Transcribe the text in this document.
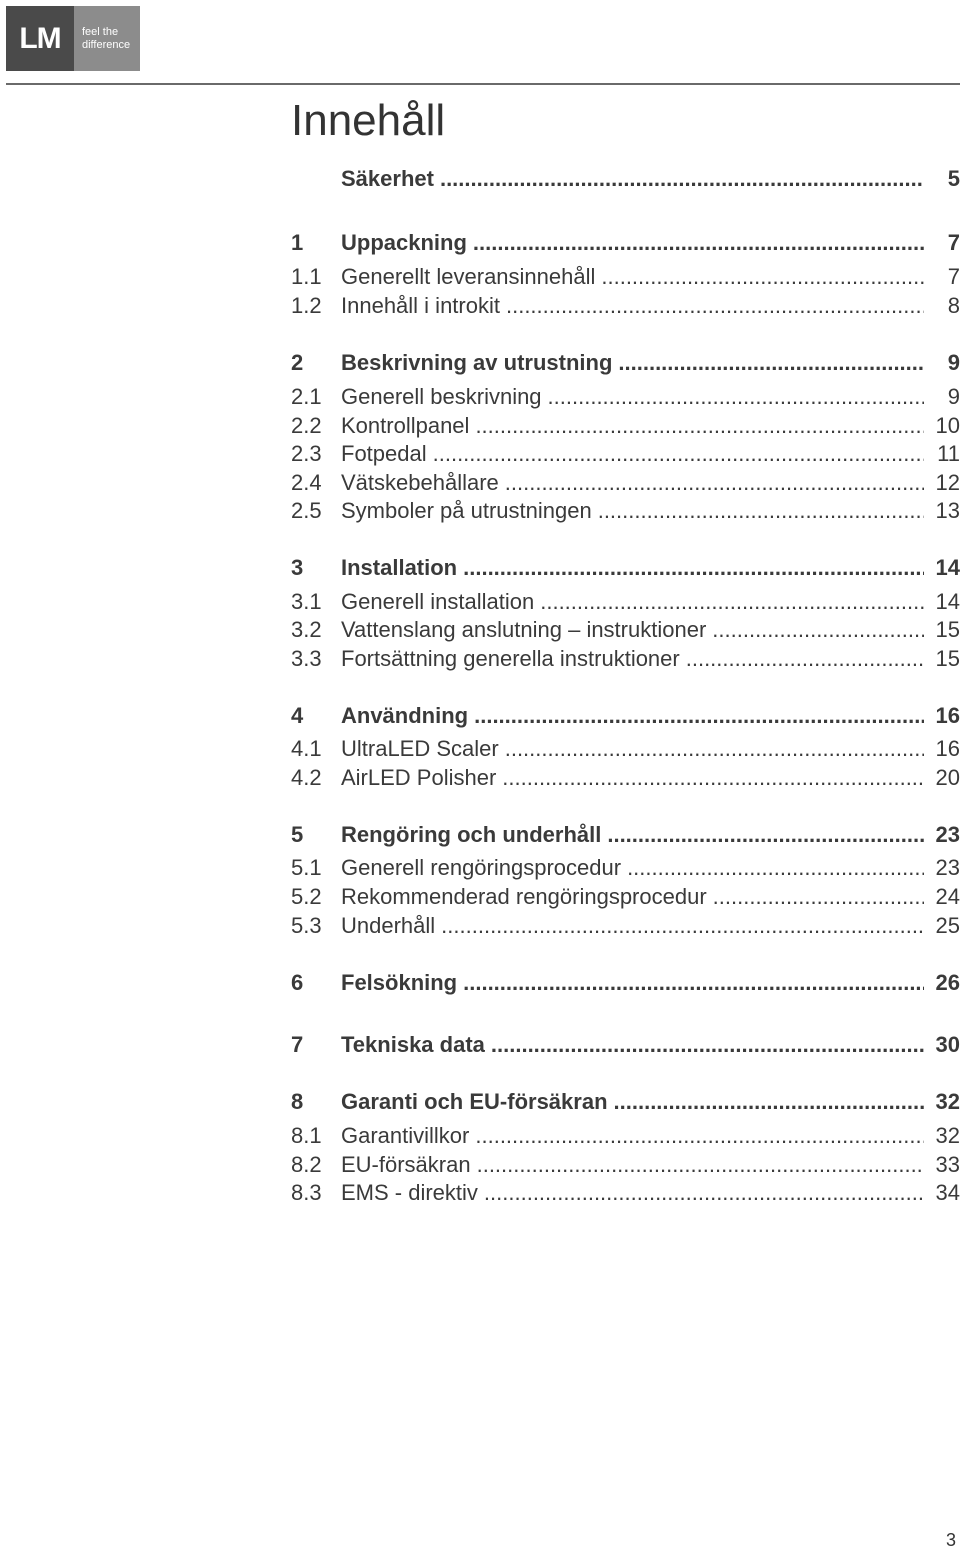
LM	feel the
difference
Innehåll
Säkerhet .....	5
1	Uppackning .....	7
1.1 Generellt leveransinnehåll .....	7
1.2 Innehåll i introkit .....	8
2	Beskrivning av utrustning .....	9
2.1 Generell beskrivning .....	9
2.2 Kontrollpanel .....	10
2.3 Fotpedal .....	11
2.4 Vätskebehållare .....	12
2.5 Symboler på utrustningen .....	13
3	Installation .....	14
3.1 Generell installation .....	14
3.2 Vattenslang anslutning – instruktioner .....	15
3.3 Fortsättning generella instruktioner .....	15
4	Användning .....	16
4.1 UltraLED Scaler .....	16
4.2 AirLED Polisher .....	20
5	Rengöring och underhåll .....	23
5.1 Generell rengöringsprocedur .....	23
5.2 Rekommenderad rengöringsprocedur .....	24
5.3 Underhåll .....	25
6	Felsökning .....	26
7	Tekniska data .....	30
8	Garanti och EU-försäkran .....	32
8.1 Garantivillkor .....	32
8.2 EU-försäkran .....	33
8.3 EMS - direktiv .....	34
3
